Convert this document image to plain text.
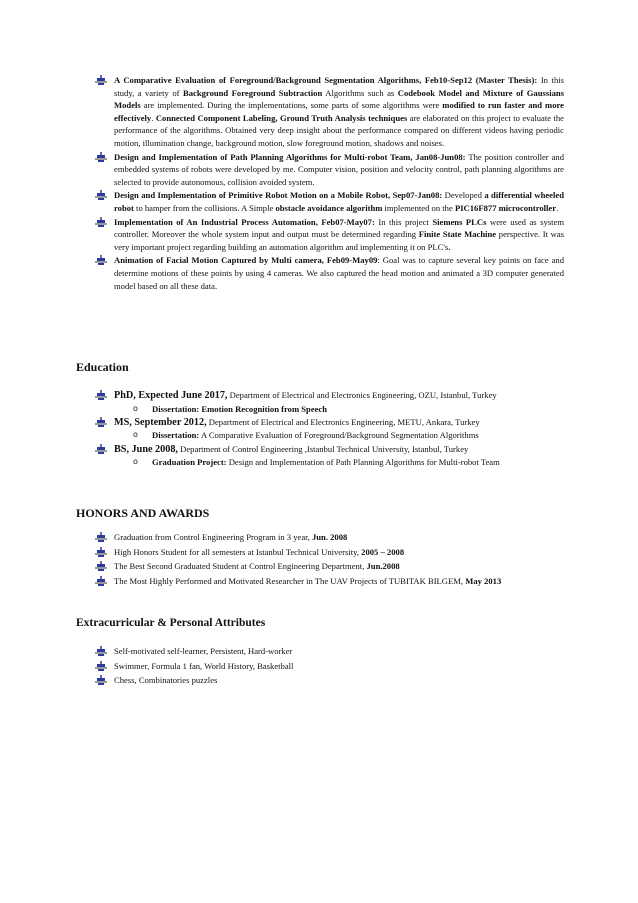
A Comparative Evaluation of Foreground/Background Segmentation Algorithms, Feb10-Sep12 (Master Thesis): In this study, a variety of Background Foreground Subtraction Algorithms such as Codebook Model and Mixture of Gaussians Models are implemented. During the implementations, some parts of some algorithms were modified to run faster and more effectively. Connected Component Labeling, Ground Truth Analysis techniques are elaborated on this project to evaluate the performance of the algorithms. Obtained very deep insight about the performance compared on different videos having periodic motion, illumination change, background motion, slow foreground motion, shadows and noises.
Design and Implementation of Path Planning Algorithms for Multi-robot Team, Jan08-Jun08: The position controller and embedded systems of robots were developed by me. Computer vision, position and velocity control, path planning algorithms are selected to provide autonomous, collision avoided system.
Design and Implementation of Primitive Robot Motion on a Mobile Robot, Sep07-Jan08: Developed a differential wheeled robot to hamper from the collisions. A Simple obstacle avoidance algorithm implemented on the PIC16F877 microcontroller.
Implementation of An Industrial Process Automation, Feb07-May07: In this project Siemens PLCs were used as system controller. Moreover the whole system input and output must be determined regarding Finite State Machine perspective. It was very important project regarding building an automation algorithm and implementing it on PLC's.
Animation of Facial Motion Captured by Multi camera, Feb09-May09: Goal was to capture several key points on face and determine motions of these points by using 4 cameras. We also captured the head motion and animated a 3D computer generated model based on all these data.
Education
PhD, Expected June 2017, Department of Electrical and Electronics Engineering, OZU, Istanbul, Turkey
o Dissertation: Emotion Recognition from Speech
MS, September 2012, Department of Electrical and Electronics Engineering, METU, Ankara, Turkey
o Dissertation: A Comparative Evaluation of Foreground/Background Segmentation Algorithms
BS, June 2008, Department of Control Engineering ,Istanbul Technical University, Istanbul, Turkey
o Graduation Project: Design and Implementation of Path Planning Algorithms for Multi-robot Team
HONORS AND AWARDS
Graduation from Control Engineering Program in 3 year, Jun. 2008
High Honors Student for all semesters at Istanbul Technical University, 2005 – 2008
The Best Second Graduated Student at Control Engineering Department, Jun.2008
The Most Highly Performed and Motivated Researcher in The UAV Projects of TUBITAK BILGEM, May 2013
Extracurricular & Personal Attributes
Self-motivated self-learner, Persistent, Hard-worker
Swimmer, Formula 1 fan, World History, Basketball
Chess, Combinatories puzzles
